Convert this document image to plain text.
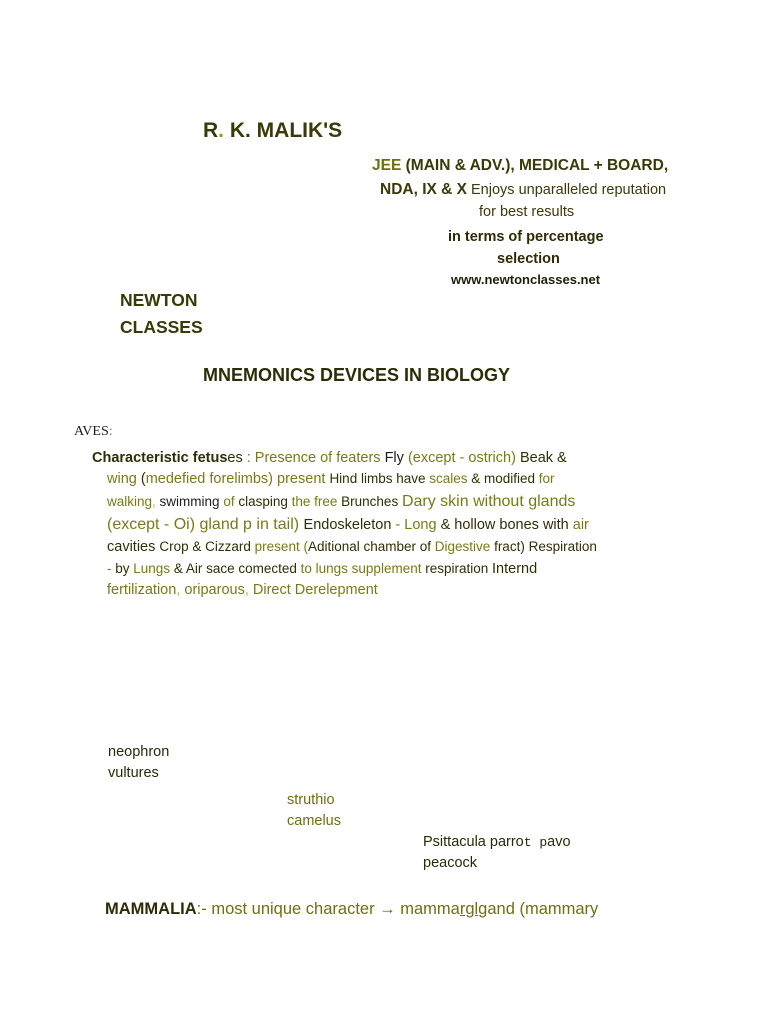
R. K. MALIK'S
JEE (MAIN & ADV.), MEDICAL + BOARD,
NDA, IX & X Enjoys unparalleled reputation
for best results
in terms of percentage
selection
www.newtonclasses.net
NEWTON
CLASSES
MNEMONICS DEVICES IN BIOLOGY
AVES:
Characteristic fetuses : Presence of featers Fly (except - ostrich) Beak &
wing (medefied forelimbs) present Hind limbs have scales & modified for
walking, swimming of clasping the free Brunches Dary skin without glands
(except - Oi) gland p in tail) Endoskeleton - Long & hollow bones with air
cavities Crop & Cizzard present (Aditional chamber of Digestive fract) Respiration
- by Lungs & Air sace comected to lungs supplement respiration Internd
fertilization, oriparous, Direct Derelepment
neophron
vultures
struthio
camelus
Psittacula parrot pavo
peacock
MAMMALIA:- most unique character → mammarglgand (mammary
